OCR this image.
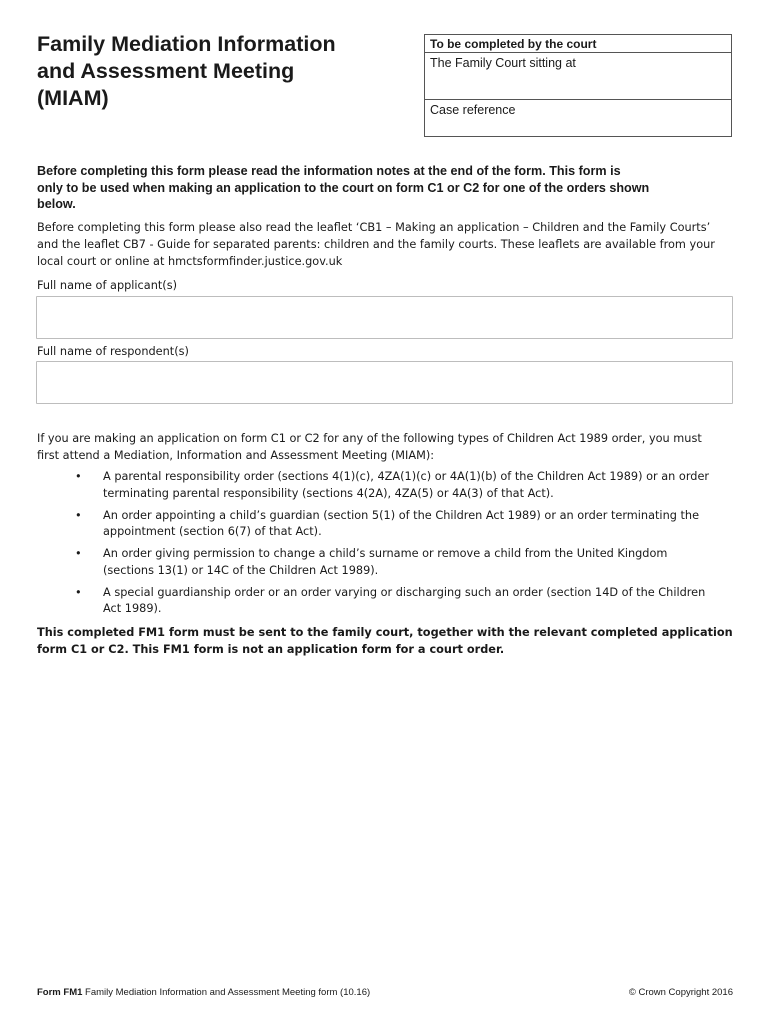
Family Mediation Information
and Assessment Meeting
(MIAM)
To be completed by the court
The Family Court sitting at
Case reference
Before completing this form please read the information notes at the end of the form. This form is
only to be used when making an application to the court on form C1 or C2 for one of the orders shown
below.
Before completing this form please also read the leaflet ‘CB1 – Making an application – Children and the Family Courts’
and the leaflet CB7 - Guide for separated parents: children and the family courts. These leaflets are available from your
local court or online at hmctsformfinder.justice.gov.uk
Full name of applicant(s)
Full name of respondent(s)
If you are making an application on form C1 or C2 for any of the following types of Children Act 1989 order, you must
first attend a Mediation, Information and Assessment Meeting (MIAM):
• A parental responsibility order (sections 4(1)(c), 4ZA(1)(c) or 4A(1)(b) of the Children Act 1989) or an order
terminating parental responsibility (sections 4(2A), 4ZA(5) or 4A(3) of that Act).
• An order appointing a child’s guardian (section 5(1) of the Children Act 1989) or an order terminating the
appointment (section 6(7) of that Act).
• An order giving permission to change a child’s surname or remove a child from the United Kingdom
(sections 13(1) or 14C of the Children Act 1989).
• A special guardianship order or an order varying or discharging such an order (section 14D of the Children
Act 1989).
This completed FM1 form must be sent to the family court, together with the relevant completed application
form C1 or C2. This FM1 form is not an application form for a court order.
Form FM1 Family Mediation Information and Assessment Meeting form (10.16)	© Crown Copyright 2016
